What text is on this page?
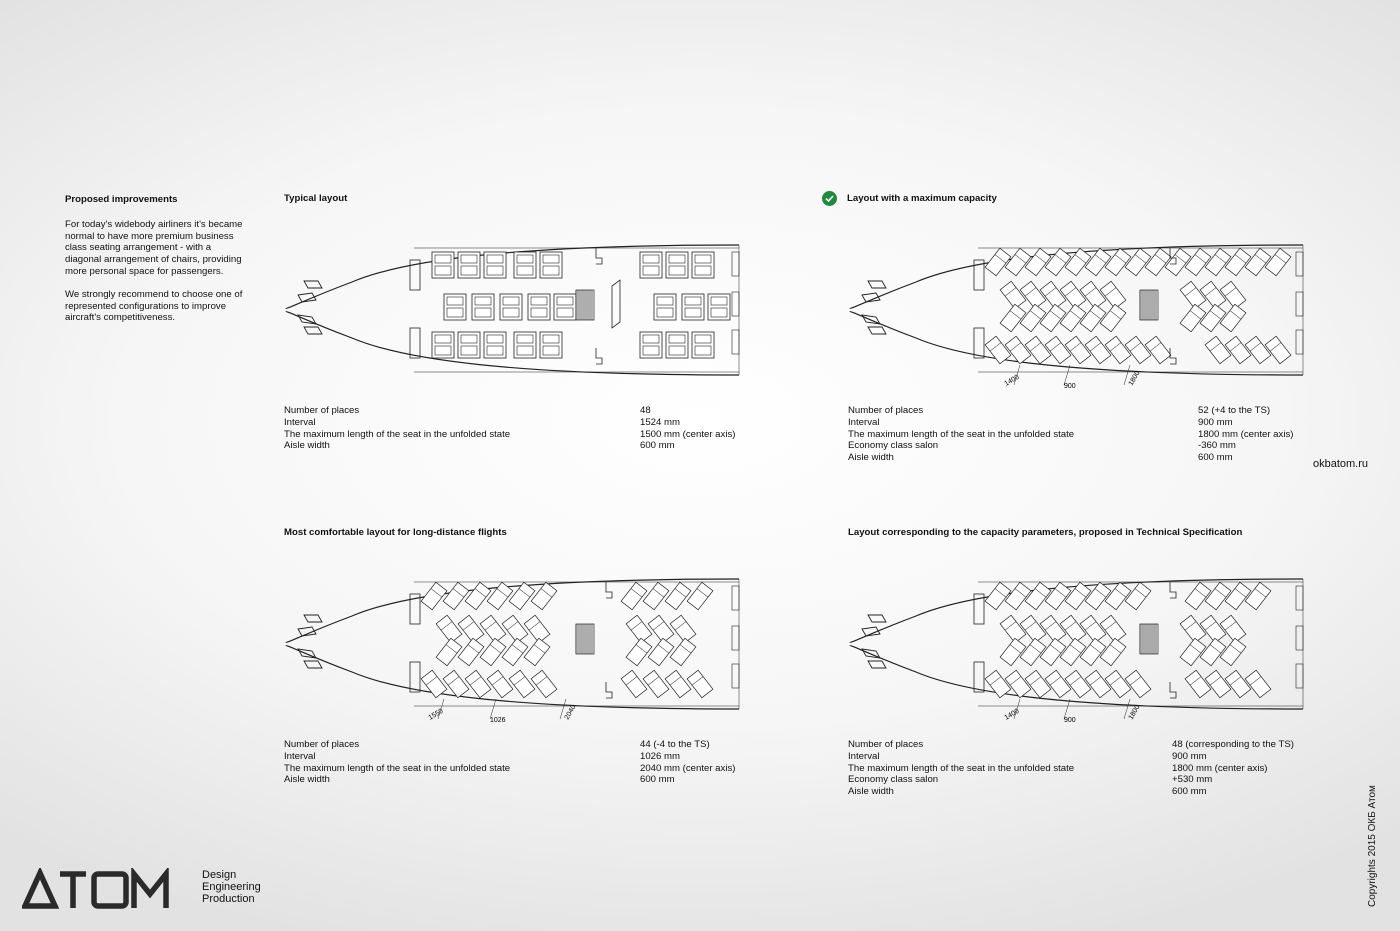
Proposed improvements

For today's widebody airliners it's became normal to have more premium business class seating arrangement - with a diagonal arrangement of chairs, providing more personal space for passengers.

We strongly recommend to choose one of represented configurations to improve aircraft's competitiveness.

Typical layout
Number of places	48
Interval	1524 mm
The maximum length of the seat in the unfolded state	1500 mm (center axis)
Aisle width	600 mm
Layout with a maximum capacity
1400	900	1800
Number of places	52 (+4 to the TS)
Interval	900 mm
The maximum length of the seat in the unfolded state	1800 mm (center axis)
Economy class salon	-360 mm
Aisle width	600 mm
Most comfortable layout for long-distance flights
1550	1026	2040
Number of places	44 (-4 to the TS)
Interval	1026 mm
The maximum length of the seat in the unfolded state	2040 mm (center axis)
Aisle width	600 mm
Layout corresponding to the capacity parameters, proposed in Technical Specification
1400	900	1800
Number of places	48 (corresponding to the TS)
Interval	900 mm
The maximum length of the seat in the unfolded state	1800 mm (center axis)
Economy class salon	+530 mm
Aisle width	600 mm
okbatom.ru
Copyrights 2015 ОКБ Атом
Design
Engineering
Production
